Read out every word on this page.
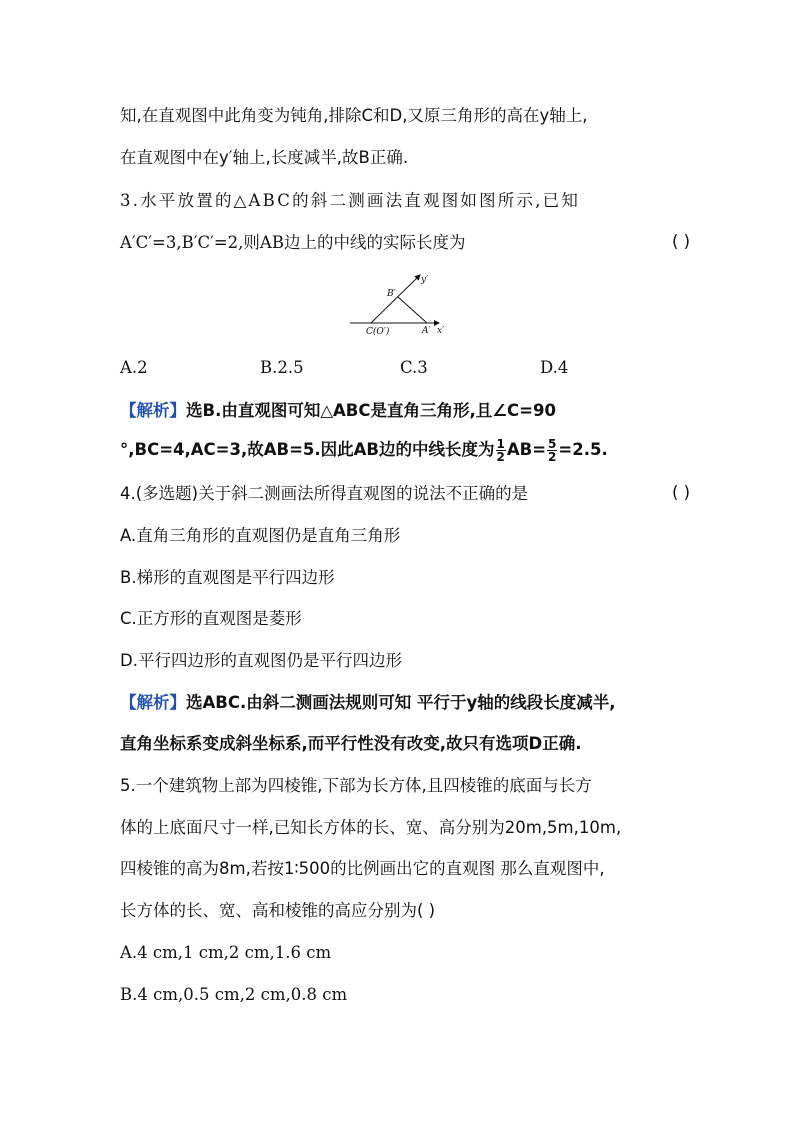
知,在直观图中此角变为钝角,排除C和D,又原三角形的高在y轴上,
在直观图中在y′轴上,长度减半,故B正确.
3.水平放置的△ABC的斜二测画法直观图如图所示,已知
A′C′=3,B′C′=2,则AB边上的中线的实际长度为	( )
y′
B′
C(O′)	A′ x′
A.2	B.2.5	C.3	D.4
【解析】选B.由直观图可知△ABC是直角三角形,且∠C=90
°,BC=4,AC=3,故AB=5.因此AB边的中线长度为 $\frac{1}{2} AB= \frac{5}{2} =2.5$.
4.(多选题)关于斜二测画法所得直观图的说法不正确的是	( )
A.直角三角形的直观图仍是直角三角形
B.梯形的直观图是平行四边形
C.正方形的直观图是菱形
D.平行四边形的直观图仍是平行四边形
【解析】选ABC.由斜二测画法规则可知 平行于y轴的线段长度减半,
直角坐标系变成斜坐标系,而平行性没有改变,故只有选项D正确.
5.一个建筑物上部为四棱锥,下部为长方体,且四棱锥的底面与长方
体的上底面尺寸一样,已知长方体的长、宽、高分别为20m,5m,10m,
四棱锥的高为8m,若按1∶500的比例画出它的直观图 那么直观图中,
长方体的长、宽、高和棱锥的高应分别为( )
A.4 cm,1 cm,2 cm,1.6 cm
B.4 cm,0.5 cm,2 cm,0.8 cm
